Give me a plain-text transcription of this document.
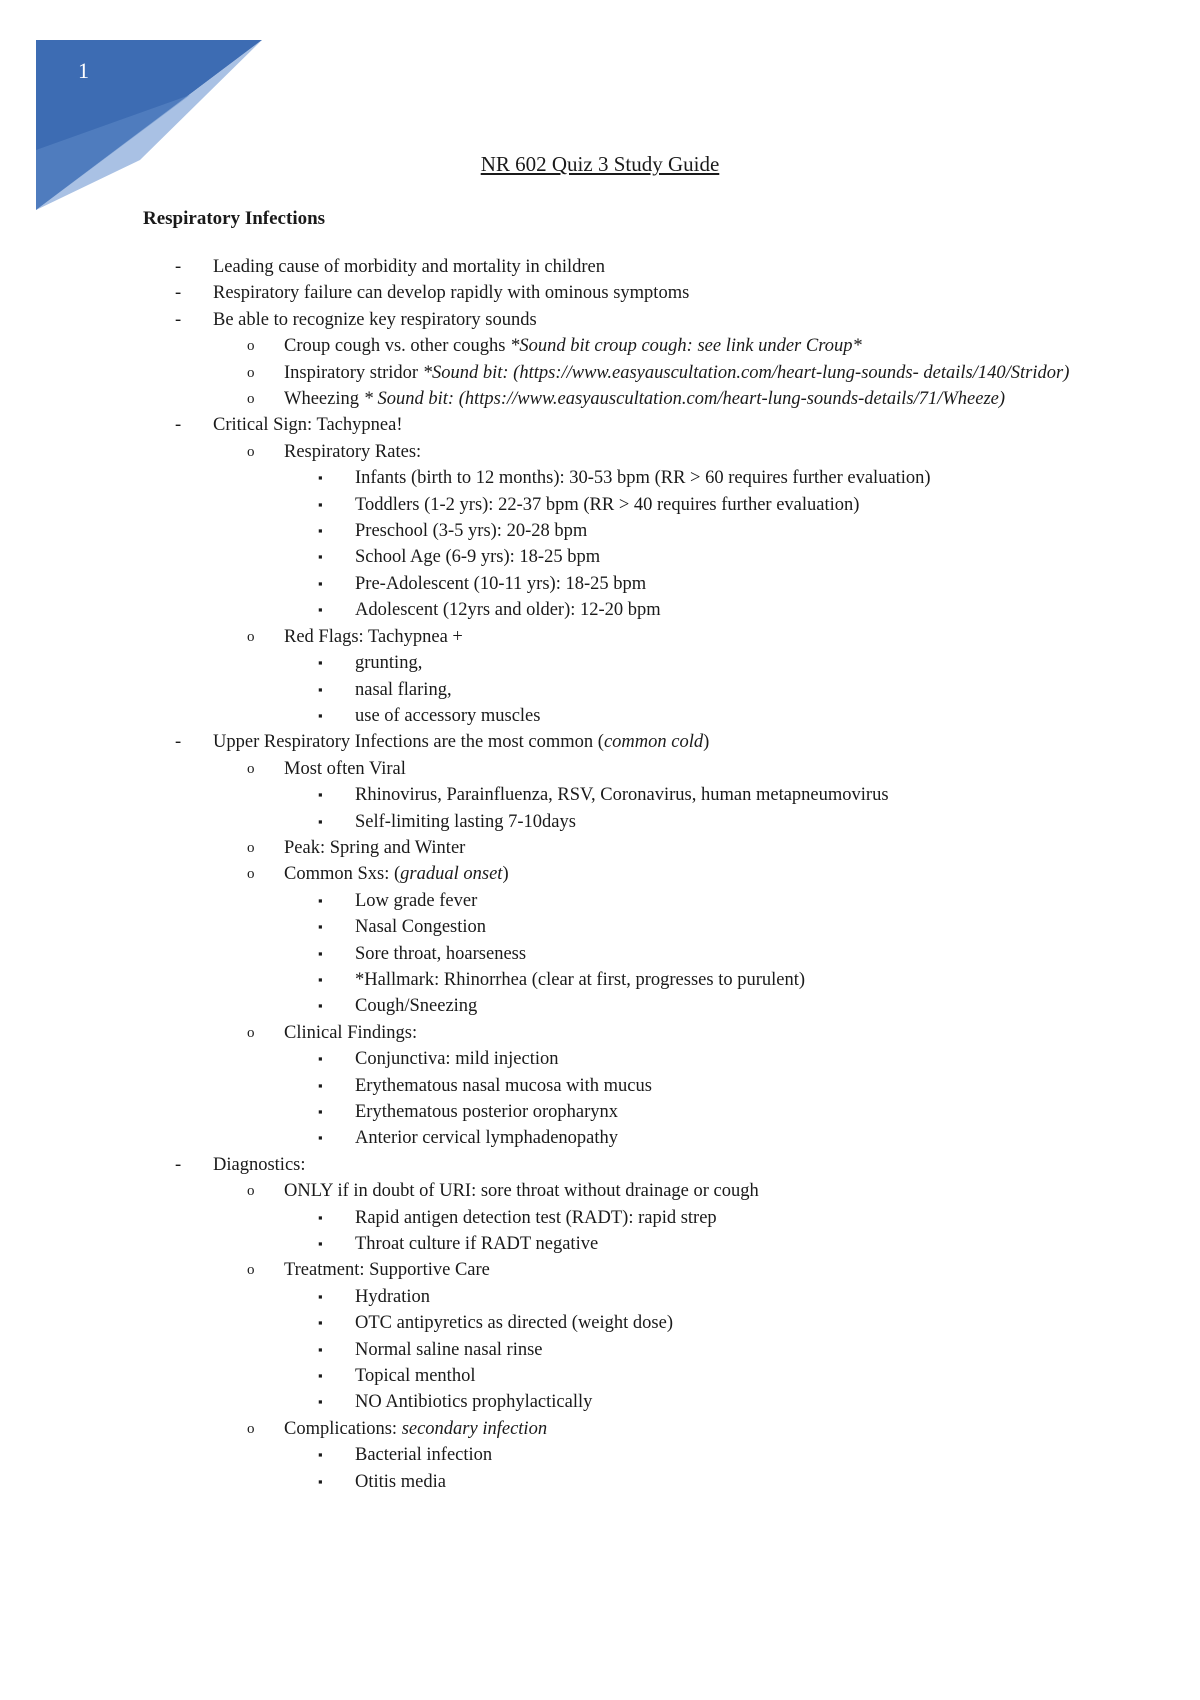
1
NR 602 Quiz 3 Study Guide
Respiratory Infections
- Leading cause of morbidity and mortality in children
- Respiratory failure can develop rapidly with ominous symptoms
- Be able to recognize key respiratory sounds
o Croup cough vs. other coughs *Sound bit croup cough: see link under Croup*
o Inspiratory stridor *Sound bit: (https://www.easyauscultation.com/heart-lung-sounds- details/140/Stridor)
o Wheezing * Sound bit: (https://www.easyauscultation.com/heart-lung-sounds-details/71/Wheeze)
- Critical Sign: Tachypnea!
o Respiratory Rates:
▪ Infants (birth to 12 months): 30-53 bpm (RR > 60 requires further evaluation)
▪ Toddlers (1-2 yrs): 22-37 bpm (RR > 40 requires further evaluation)
▪ Preschool (3-5 yrs): 20-28 bpm
▪ School Age (6-9 yrs): 18-25 bpm
▪ Pre-Adolescent (10-11 yrs): 18-25 bpm
▪ Adolescent (12yrs and older): 12-20 bpm
o Red Flags: Tachypnea +
▪ grunting,
▪ nasal flaring,
▪ use of accessory muscles
- Upper Respiratory Infections are the most common (common cold)
o Most often Viral
▪ Rhinovirus, Parainfluenza, RSV, Coronavirus, human metapneumovirus
▪ Self-limiting lasting 7-10days
o Peak: Spring and Winter
o Common Sxs: (gradual onset)
▪ Low grade fever
▪ Nasal Congestion
▪ Sore throat, hoarseness
▪ *Hallmark: Rhinorrhea (clear at first, progresses to purulent)
▪ Cough/Sneezing
o Clinical Findings:
▪ Conjunctiva: mild injection
▪ Erythematous nasal mucosa with mucus
▪ Erythematous posterior oropharynx
▪ Anterior cervical lymphadenopathy
- Diagnostics:
o ONLY if in doubt of URI: sore throat without drainage or cough
▪ Rapid antigen detection test (RADT): rapid strep
▪ Throat culture if RADT negative
o Treatment: Supportive Care
▪ Hydration
▪ OTC antipyretics as directed (weight dose)
▪ Normal saline nasal rinse
▪ Topical menthol
▪ NO Antibiotics prophylactically
o Complications: secondary infection
▪ Bacterial infection
▪ Otitis media
